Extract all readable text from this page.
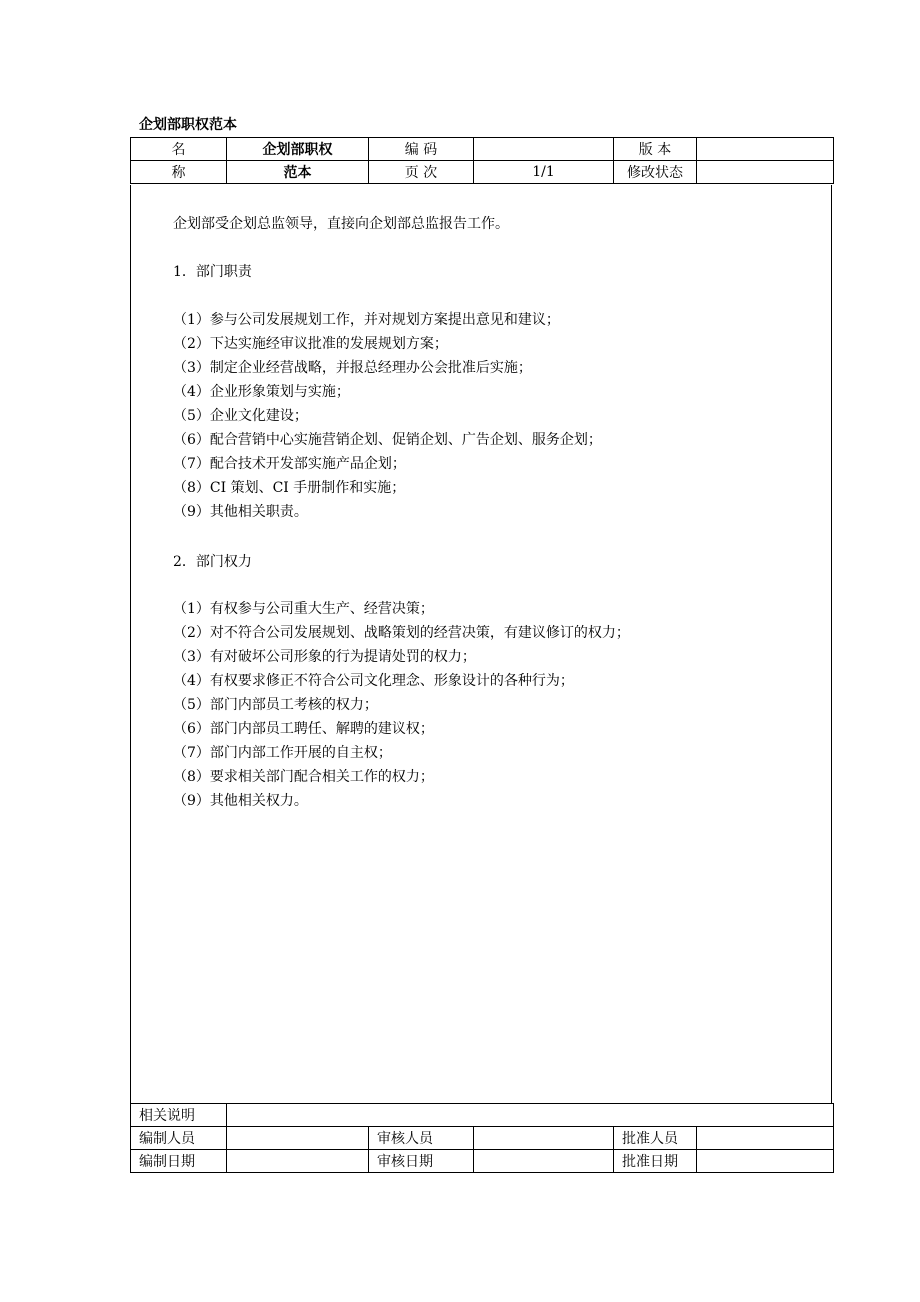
企划部职权范本
名	企划部职权	编 码		版 本	
称	范本	页 次	1/1	修改状态	
企划部受企划总监领导，直接向企划部总监报告工作。
1．部门职责
（1）参与公司发展规划工作，并对规划方案提出意见和建议；
（2）下达实施经审议批准的发展规划方案；
（3）制定企业经营战略，并报总经理办公会批准后实施；
（4）企业形象策划与实施；
（5）企业文化建设；
（6）配合营销中心实施营销企划、促销企划、广告企划、服务企划；
（7）配合技术开发部实施产品企划；
（8）CI 策划、CI 手册制作和实施；
（9）其他相关职责。
2．部门权力
（1）有权参与公司重大生产、经营决策；
（2）对不符合公司发展规划、战略策划的经营决策，有建议修订的权力；
（3）有对破坏公司形象的行为提请处罚的权力；
（4）有权要求修正不符合公司文化理念、形象设计的各种行为；
（5）部门内部员工考核的权力；
（6）部门内部员工聘任、解聘的建议权；
（7）部门内部工作开展的自主权；
（8）要求相关部门配合相关工作的权力；
（9）其他相关权力。
相关说明					
编制人员		审核人员		批准人员	
编制日期		审核日期		批准日期	
